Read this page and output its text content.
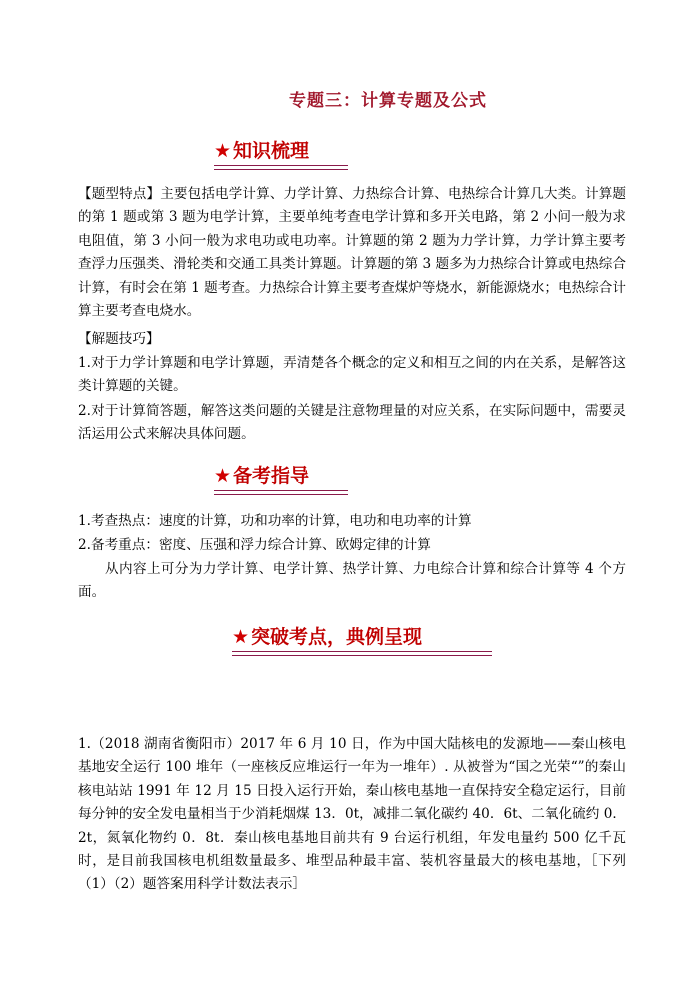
专题三：计算专题及公式
★ 知识梳理
【题型特点】主要包括电学计算、力学计算、力热综合计算、电热综合计算几大类。计算题的第 1 题或第 3 题为电学计算，主要单纯考查电学计算和多开关电路，第 2 小问一般为求电阻值，第 3 小问一般为求电功或电功率。计算题的第 2 题为力学计算，力学计算主要考查浮力压强类、滑轮类和交通工具类计算题。计算题的第 3 题多为力热综合计算或电热综合计算，有时会在第 1 题考查。力热综合计算主要考查煤炉等烧水，新能源烧水；电热综合计算主要考查电烧水。
【解题技巧】
1.对于力学计算题和电学计算题，弄清楚各个概念的定义和相互之间的内在关系，是解答这类计算题的关键。
2.对于计算简答题，解答这类问题的关键是注意物理量的对应关系，在实际问题中，需要灵活运用公式来解决具体问题。
★ 备考指导
1.考查热点：速度的计算，功和功率的计算，电功和电功率的计算
2.备考重点：密度、压强和浮力综合计算、欧姆定律的计算
从内容上可分为力学计算、电学计算、热学计算、力电综合计算和综合计算等 4 个方面。
★ 突破考点，典例呈现
1.（2018 湖南省衡阳市）2017 年 6 月 10 日，作为中国大陆核电的发源地——秦山核电基地安全运行 100 堆年（一座核反应堆运行一年为一堆年）. 从被誉为“国之光荣“”的秦山核电站站 1991 年 12 月 15 日投入运行开始，秦山核电基地一直保持安全稳定运行，目前每分钟的安全发电量相当于少消耗烟煤 13．0t，减排二氧化碳约 40．6t、二氧化硫约 0．2t，氮氧化物约 0．8t．秦山核电基地目前共有 9 台运行机组，年发电量约 500 亿千瓦时，是目前我国核电机组数量最多、堆型品种最丰富、装机容量最大的核电基地，［下列（1）（2）题答案用科学计数法表示］
